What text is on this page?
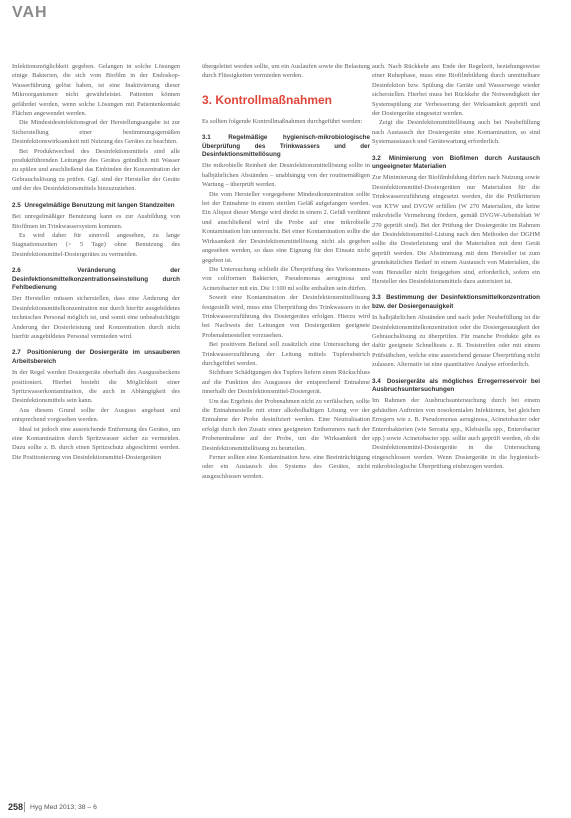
VAH

Infektionsmöglichkeit gegeben. Gelangen in solche Lösungen einige Bakterien, die sich vom Biofilm in der Endoskop-Wasserführung gelöst haben, ist eine Inaktivierung dieser Mikroorganismen nicht gewährleistet. Patienten können gefährdet werden, wenn solche Lösungen mit Patientenkontakt Flächen angewendet werden.

Die Mindestdesinfektionsgrad der Herstellungsangabe ist zur Sicherstellung einer bestimmungsgemäßen Desinfektionswirksamkeit mit Nutzung des Gerätes zu beachten.

Bei Produktwechsel des Desinfektionsmittels sind alle produktführenden Leitungen des Gerätes gründlich mit Wasser zu spülen und anschließend das Einbinden der Konzentration der Gebrauchslösung zu prüfen. Ggf. sind der Hersteller der Geräte und der des Desinfektionsmittels hinzuzuziehen.

2.5 Unregelmäßige Benutzung mit langen Standzeiten

Bei unregelmäßiger Benutzung kann es zur Ausbildung von Biofilmen im Trinkwassersystem kommen.

Es wird daher für sinnvoll angesehen, zu lange Stagnationszeiten (> 5 Tage) ohne Benutzung des Desinfektionsmittel-Dosiergerätes zu vermeiden.

2.6	Veränderung der Desinfektionsmittelkonzentrationseinstellung durch Fehlbedienung

Der Hersteller müssen sicherstellen, dass eine Änderung der Desinfektionsmittelkonzentration nur durch hierfür ausgebildetes technisches Personal möglich ist, und somit eine unbeabsichtigte Änderung der Dosierleistung und Konzentration durch nicht hierfür ausgebildetes Personal vermieden wird.

2.7 Positionierung der Dosiergeräte im unsauberen Arbeitsbereich

In der Regel werden Dosiergeräte oberhalb des Ausgussbeckens positioniert. Hierbei besteht die Möglichkeit einer Spritzwasserkontamination, die auch in Abhängigkeit des Desinfektionsmittels sein kann.

Aus diesem Grund sollte der Ausguss angebaut und entsprechend vorgesehen werden.

Ideal ist jedoch eine ausreichende Entfernung des Gerätes, um eine Kontamination durch Spritzwasser sicher zu vermeiden. Dazu sollte z. B. durch einen Spritzschutz abgeschirmt werden. Die Positionierung von Desinfektionsmittel-Dosiergeräten

übergeleitet werden sollte, um ein Auslaufen sowie die Belastung durch Flüssigkeiten vermieden werden.

3. Kontrollmaßnahmen

Es sollten folgende Kontrollmaßnahmen durchgeführt werden:

3.1	Regelmäßige hygienisch-mikrobiologische Überprüfung des Trinkwassers und der Desinfektionsmittellösung

Die mikrobielle Reinheit der Desinfektionsmittellösung sollte in halbjährlichen Abständen – unabhängig von der routinemäßigen Wartung – überprüft werden.

Die vom Hersteller vorgegebene Mindestkonzentration sollte bei der Entnahme in einem sterilen Gefäß aufgefangen werden. Ein Aliquot dieser Menge wird direkt in einem 2. Gefäß verdünnt und anschließend wird die Probe auf eine mikrobielle Kontamination hin untersucht. Bei einer Kontamination sollte die Wirksamkeit der Desinfektionsmittellösung nicht als gegeben angesehen werden, so dass eine Eignung für den Einsatz nicht gegeben ist.

Die Untersuchung schließt die Überprüfung des Vorkommens von coliformen Bakterien, Pseudomonas aeruginosa und Acinetobacter mit ein. Die 1:100 ml sollte enthalten sein dürfen.

Soweit eine Kontamination der Desinfektionsmittellösung festgestellt wird, muss eine Überprüfung des Trinkwassers in der Trinkwasserzuführung des Dosiergerätes erfolgen. Hierzu wird bei Nachweis der Leitungen von Dosiergeräten geeignete Probenahmestellen vorzusehen.

Bei positivem Befund soll zusätzlich eine Untersuchung der Trinkwasserzuführung der Leitung mittels Tupferabstrich durchgeführt werden.

Sichtbare Schädigungen des Tupfers liefern einen Rückschluss auf die Funktion des Ausgusses der entsprechend Entnahme innerhalb der Desinfektionsmittel-Dosiergerät.

Um das Ergebnis der Probenahmen nicht zu verfälschen, sollte die Entnahmestelle mit einer alkoholhaltigen Lösung vor der Entnahme der Probe desinfiziert werden. Eine Neutralisation erfolgt durch den Zusatz eines geeigneten Enthemmers nach der Probenentnahme auf der Probe, um die Wirksamkeit der Desinfektionsmittellösung zu beurteilen.

Ferner sollten eine Kontamination bzw. eine Beeinträchtigung oder ein Austausch des Systems des Gerätes, nicht ausgeschlossen werden.

auch. Nach Rückkehr ans Ende der Regelzeit, beziehungsweise einer Ruhephase, muss eine Biofilmbildung durch unmittelbare Desinfektion bzw. Spülung die Geräte und Wasserwege wieder sicherstellen. Hierbei muss bei Rückkehr die Notwendigkeit der Systemspülung zur Verbesserung der Wirksamkeit geprüft und der Dosiergeräte eingesetzt werden.

Zeigt die Desinfektionsmittellösung auch bei Neubefüllung nach Austausch der Dosiergeräte eine Kontamination, so sind Systemaustausch und Gerätewartung erforderlich.

3.2 Minimierung von Biofilmen durch Austausch ungeeigneter Materialien

Zur Minimierung der Biofilmbildung dürfen nach Nutzung sowie Desinfektionsmittel-Dosiergeräten nur Materialien für die Trinkwasserzuführung eingesetzt werden, die die Prüfkriterien von KTW und DVGW erfüllen (W 270 Materialien, die keine mikrobielle Vermehrung fördern, gemäß DVGW-Arbeitsblatt W 270 geprüft sind). Bei der Prüfung der Dosiergeräte im Rahmen der Desinfektionsmittel-Listung nach den Methoden der DGHM sollte die Dosierleistung und die Materialien mit dem Gerät geprüft werden. Die Abstimmung mit dem Hersteller ist zum grundsätzlichen Bedarf in einem Austausch von Materialien, die vom Hersteller nicht freigegeben sind, erforderlich, sofern ein Hersteller des Desinfektionsmittels dazu autorisiert ist.

3.3 Bestimmung der Desinfektionsmittelkonzentration bzw. der Dosiergenauigkeit

In halbjährlichen Abständen und nach jeder Neubefüllung ist die Desinfektionsmittelkonzentration oder die Dosiergenauigkeit der Gebrauchslösung zu überprüfen. Für manche Produkte gibt es dafür geeignete Schnelltests z. B. Teststreifen oder mit einem Prüfstäbchen, welche eine ausreichend genaue Überprüfung nicht zulassen. Alternativ ist eine quantitative Analyse erforderlich.

3.4 Dosiergeräte als mögliches Erregerreservoir bei Ausbruchsuntersuchungen

Im Rahmen der Ausbruchsuntersuchung durch bei einem gehäuften Auftreten von nosokomialen Infektionen, bei gleichen Erregern wie z. B. Pseudomonas aeruginosa, Acinetobacter oder Enterobakterien (wie Serratia spp., Klebsiella spp., Enterobacter spp.) sowie Acinetobacter spp. sollte auch geprüft werden, ob die Desinfektionsmittel-Dosiergeräte in die Untersuchung eingeschlossen werden. Wenn Dosiergeräte in die hygienisch-mikrobiologische Überprüfung einbezogen werden.

258 Hyg Med 2013; 38 – 6
